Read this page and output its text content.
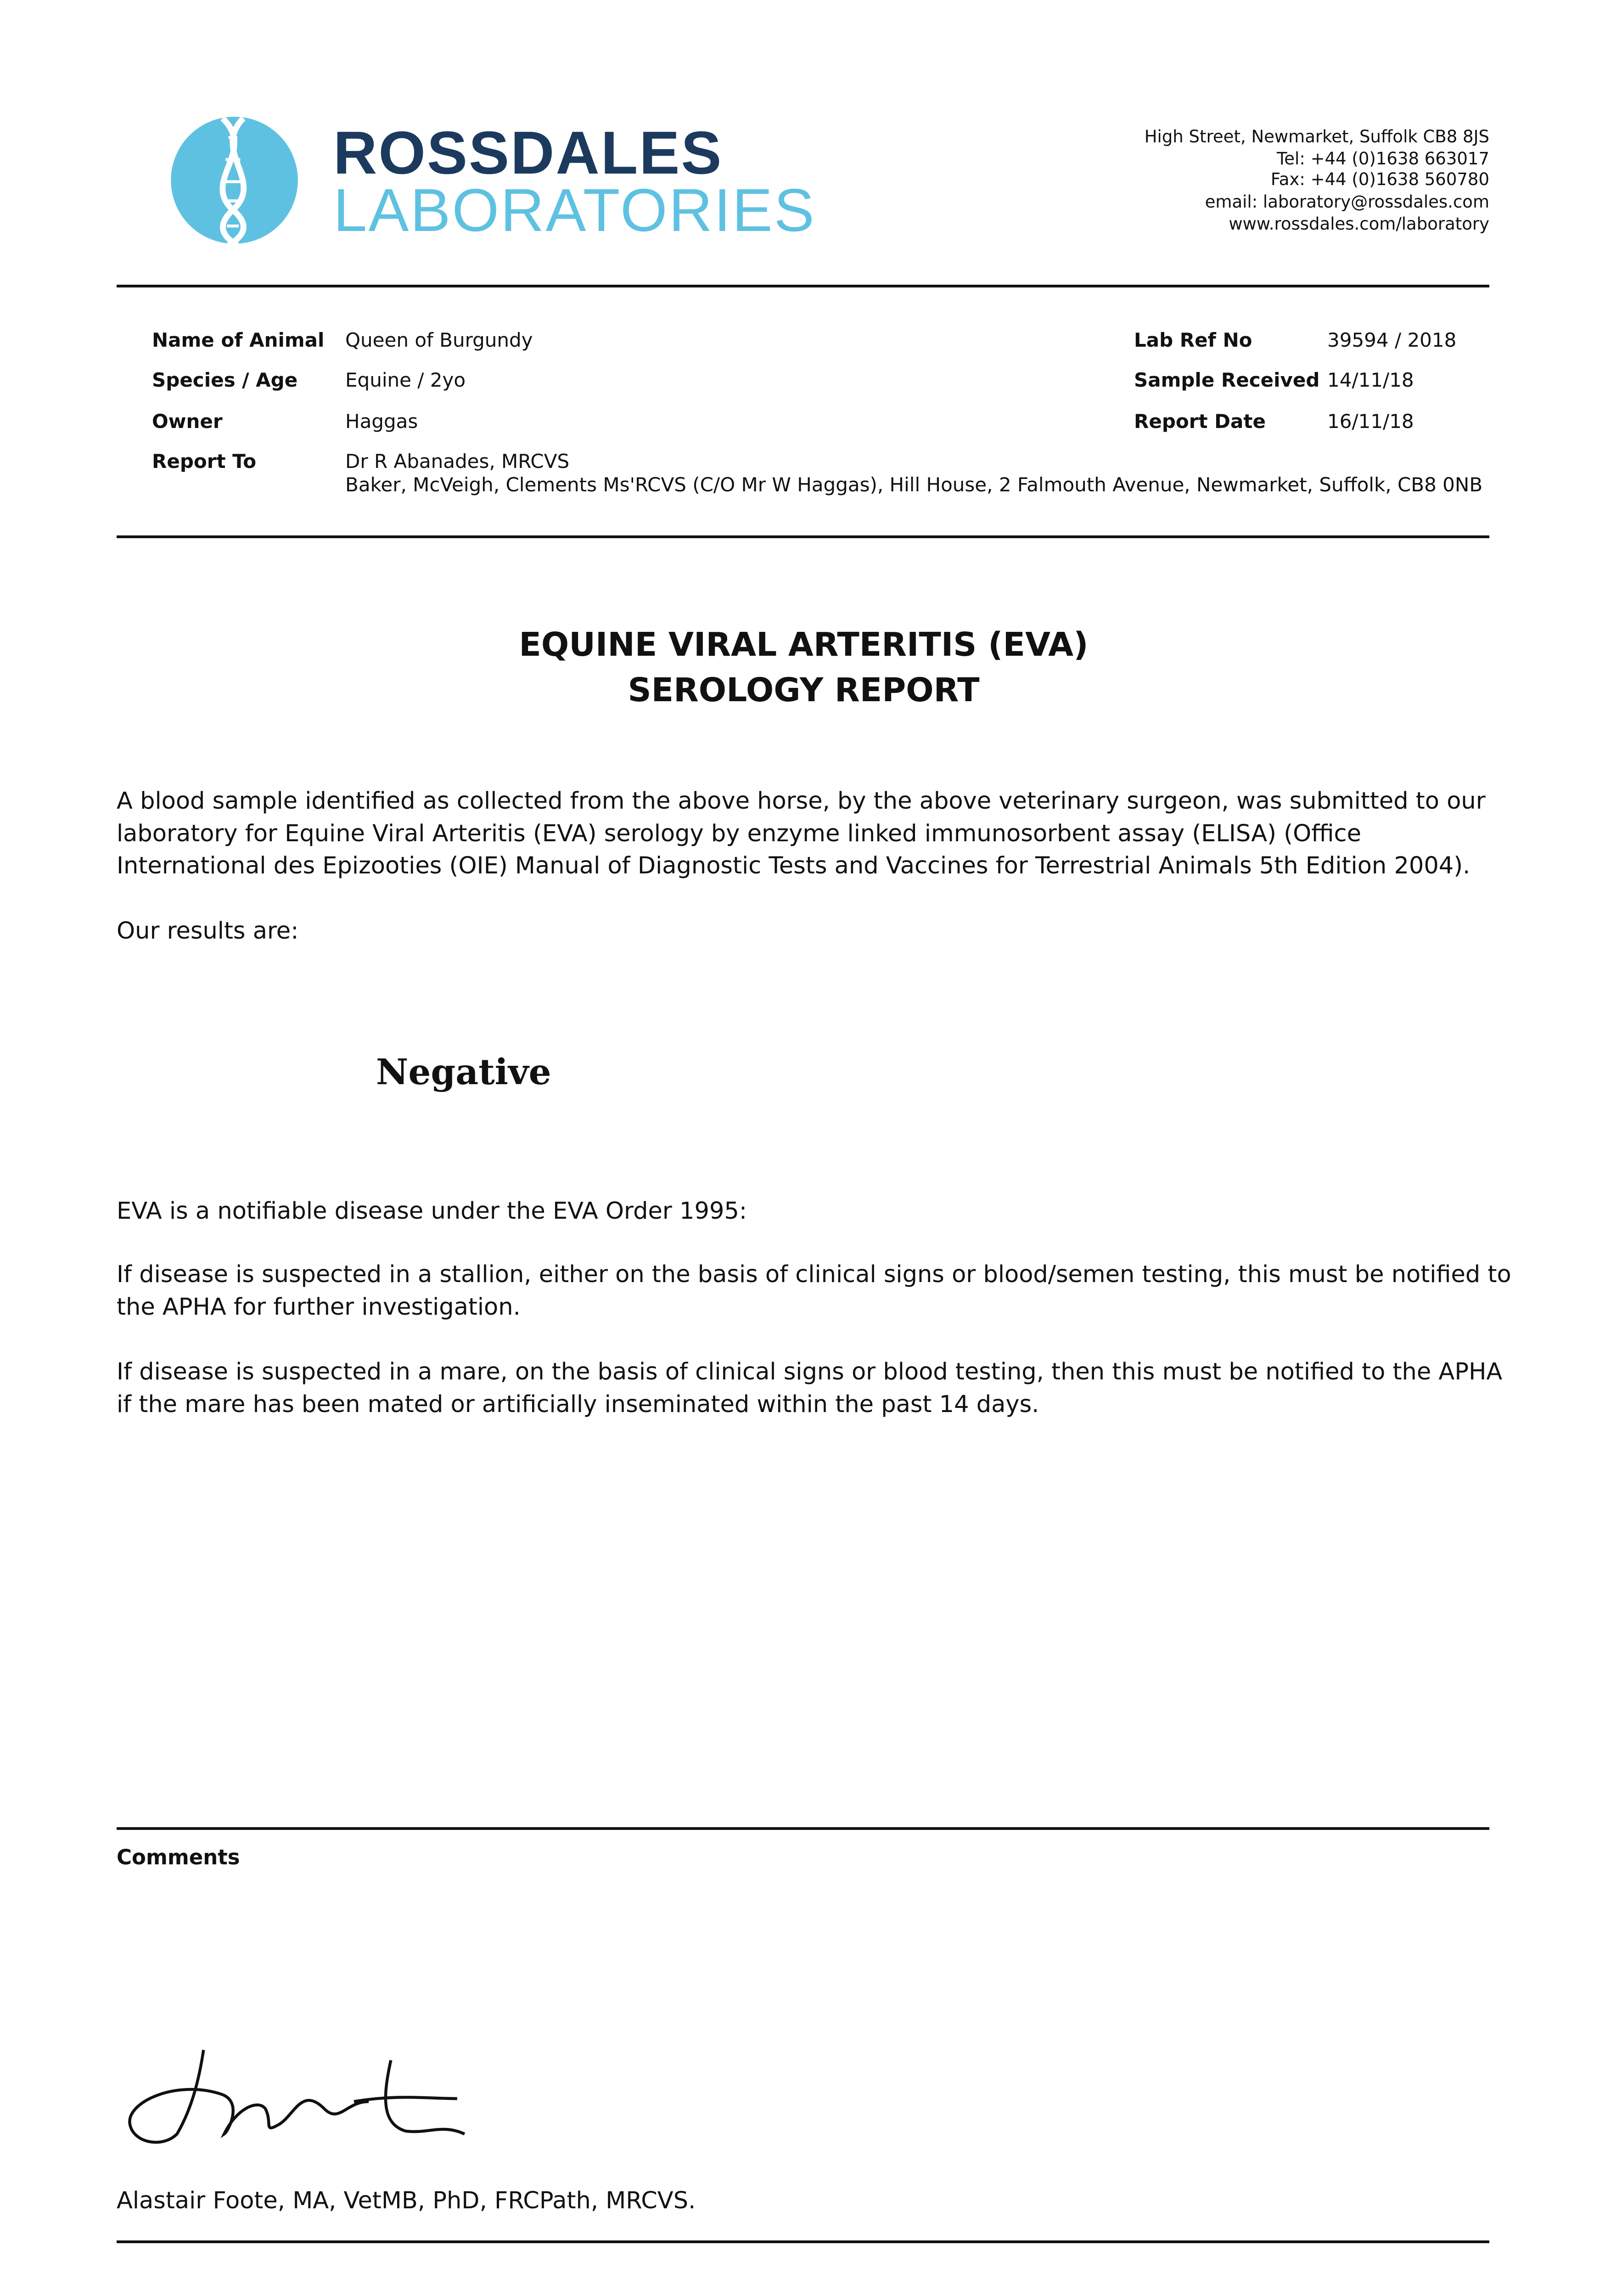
ROSSDALES
LABORATORIES
High Street, Newmarket, Suffolk CB8 8JS
Tel: +44 (0)1638 663017
Fax: +44 (0)1638 560780
email: laboratory@rossdales.com
www.rossdales.com/laboratory
Name of Animal Queen of Burgundy
Species / Age Equine / 2yo
Owner	Haggas
Report To	Dr R Abanades, MRCVS
Baker, McVeigh, Clements Ms'RCVS (C/O Mr W Haggas), Hill House, 2 Falmouth Avenue, Newmarket, Suffolk, CB8 0NB
Lab Ref No	39594 / 2018
Sample Received 14/11/18
Report Date	16/11/18
EQUINE VIRAL ARTERITIS (EVA)
SEROLOGY REPORT
A blood sample identified as collected from the above horse, by the above veterinary surgeon, was submitted to our
laboratory for Equine Viral Arteritis (EVA) serology by enzyme linked immunosorbent assay (ELISA) (Office
International des Epizooties (OIE) Manual of Diagnostic Tests and Vaccines for Terrestrial Animals 5th Edition 2004).
Our results are:
Negative
EVA is a notifiable disease under the EVA Order 1995:
If disease is suspected in a stallion, either on the basis of clinical signs or blood/semen testing, this must be notified to
the APHA for further investigation.
If disease is suspected in a mare, on the basis of clinical signs or blood testing, then this must be notified to the APHA
if the mare has been mated or artificially inseminated within the past 14 days.
Comments
Alastair Foote, MA, VetMB, PhD, FRCPath, MRCVS.
